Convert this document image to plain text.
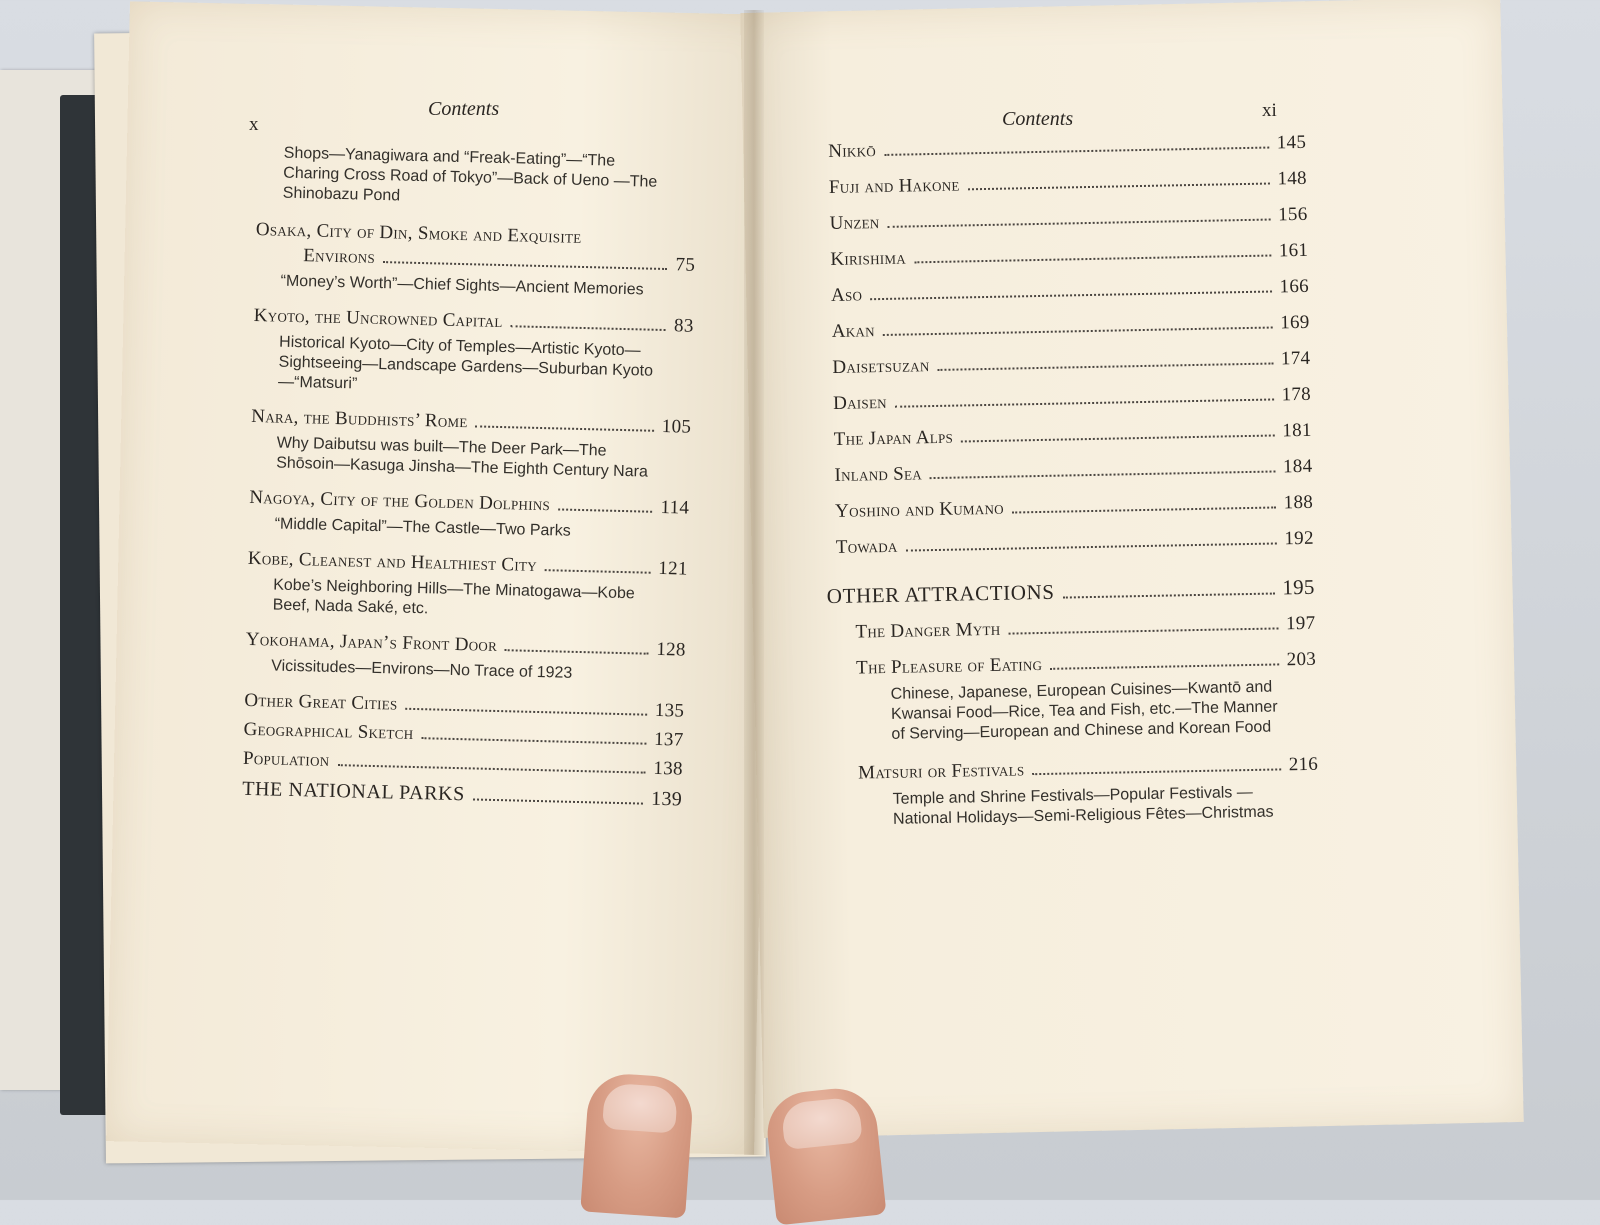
x
Contents
Shops—Yanagiwara and “Freak-Eating”—“The Charing Cross Road of Tokyo”—Back of Ueno —The Shinobazu Pond
Osaka, City of Din, Smoke and Exquisite
Environs	75
“Money’s Worth”—Chief Sights—Ancient Memories
Kyoto, the Uncrowned Capital	83
Historical Kyoto—City of Temples—Artistic Kyoto—Sightseeing—Landscape Gardens—Suburban Kyoto—“Matsuri”
Nara, the Buddhists’ Rome	105
Why Daibutsu was built—The Deer Park—The Shōsoin—Kasuga Jinsha—The Eighth Century Nara
Nagoya, City of the Golden Dolphins	114
“Middle Capital”—The Castle—Two Parks
Kobe, Cleanest and Healthiest City	121
Kobe’s Neighboring Hills—The Minatogawa—Kobe Beef, Nada Saké, etc.
Yokohama, Japan’s Front Door	128
Vicissitudes—Environs—No Trace of 1923
Other Great Cities	135
Geographical Sketch	137
Population	138
THE NATIONAL PARKS	139
Contents	xi
Nikkō	145
Fuji and Hakone	148
Unzen	156
Kirishima	161
Aso	166
Akan	169
Daisetsuzan	174
Daisen	178
The Japan Alps	181
Inland Sea	184
Yoshino and Kumano	188
Towada	192
OTHER ATTRACTIONS	195
The Danger Myth	197
The Pleasure of Eating	203
Chinese, Japanese, European Cuisines—Kwantō and Kwansai Food—Rice, Tea and Fish, etc.—The Manner of Serving—European and Chinese and Korean Food
Matsuri or Festivals	216
Temple and Shrine Festivals—Popular Festivals —National Holidays—Semi-Religious Fêtes—Christmas
